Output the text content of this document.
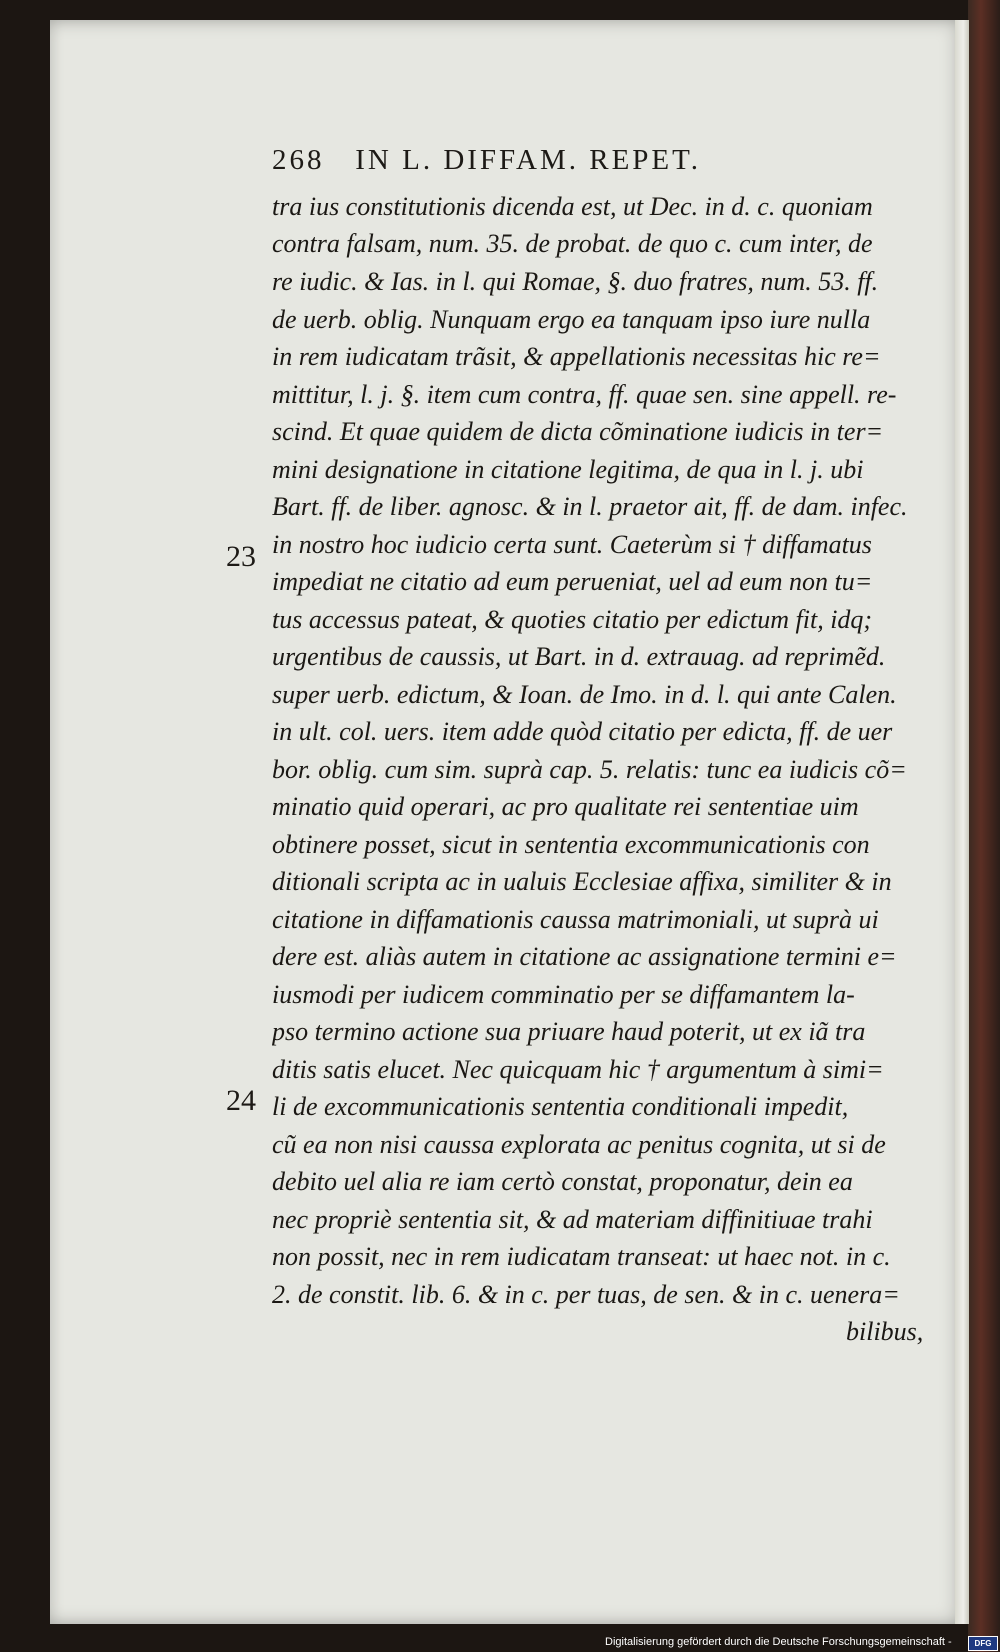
268   IN L. DIFFAM. REPET.
23
24
tra ius constitutionis dicenda est, ut Dec. in d. c. quoniam
contra falsam, num. 35. de probat. de quo c. cum inter, de
re iudic. & Ias. in l. qui Romae, §. duo fratres, num. 53. ff.
de uerb. oblig. Nunquam ergo ea tanquam ipso iure nulla
in rem iudicatam trãsit, & appellationis necessitas hic re=
mittitur, l. j. §. item cum contra, ff. quae sen. sine appell. re-
scind. Et quae quidem de dicta cõminatione iudicis in ter=
mini designatione in citatione legitima, de qua in l. j. ubi
Bart. ff. de liber. agnosc. & in l. praetor ait, ff. de dam. infec.
in nostro hoc iudicio certa sunt. Caeterùm si † diffamatus
impediat ne citatio ad eum perueniat, uel ad eum non tu=
tus accessus pateat, & quoties citatio per edictum fit, idq;
urgentibus de caussis, ut Bart. in d. extrauag. ad reprimẽd.
super uerb. edictum, & Ioan. de Imo. in d. l. qui ante Calen.
in ult. col. uers. item adde quòd citatio per edicta, ff. de uer
bor. oblig. cum sim. suprà cap. 5. relatis: tunc ea iudicis cõ=
minatio quid operari, ac pro qualitate rei sententiae uim
obtinere posset, sicut in sententia excommunicationis con
ditionali scripta ac in ualuis Ecclesiae affixa, similiter & in
citatione in diffamationis caussa matrimoniali, ut suprà ui
dere est. aliàs autem in citatione ac assignatione termini e=
iusmodi per iudicem comminatio per se diffamantem la-
pso termino actione sua priuare haud poterit, ut ex iã tra
ditis satis elucet. Nec quicquam hic † argumentum à simi=
li de excommunicationis sententia conditionali impedit,
cũ ea non nisi caussa explorata ac penitus cognita, ut si de
debito uel alia re iam certò constat, proponatur, dein ea
nec propriè sententia sit, & ad materiam diffinitiuae trahi
non possit, nec in rem iudicatam transeat: ut haec not. in c.
2. de constit. lib. 6. & in c. per tuas, de sen. & in c. uenera=
bilibus,
Digitalisierung gefördert durch die Deutsche Forschungsgemeinschaft -	DFG
